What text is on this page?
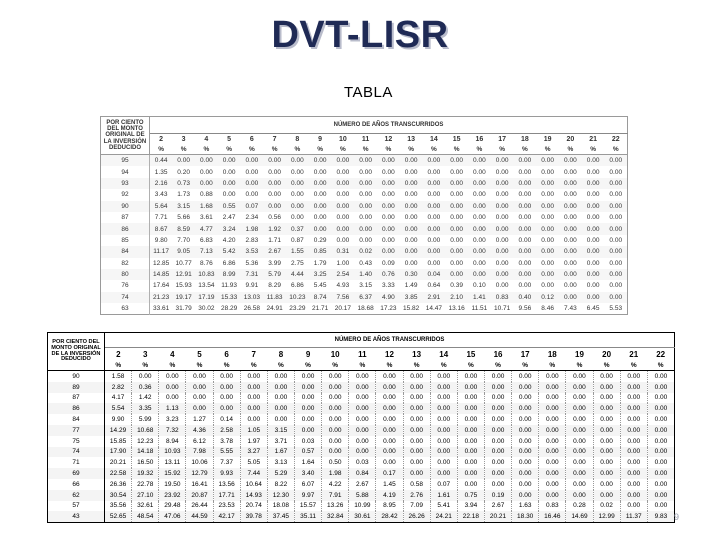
DVT-LISR
TABLA
POR CIENTO DEL MONTO ORIGINAL DE LA INVERSIÓN
DEDUCIDO	NÚMERO DE AÑOS TRANSCURRIDOS																				
	2	3	4	5	6	7	8	9	10	11	12	13	14	15	16	17	18	19	20	21	22
	%	%	%	%	%	%	%	%	%	%	%	%	%	%	%	%	%	%	%	%	%
95	0.44	0.00	0.00	0.00	0.00	0.00	0.00	0.00	0.00	0.00	0.00	0.00	0.00	0.00	0.00	0.00	0.00	0.00	0.00	0.00	0.00
94	1.35	0.20	0.00	0.00	0.00	0.00	0.00	0.00	0.00	0.00	0.00	0.00	0.00	0.00	0.00	0.00	0.00	0.00	0.00	0.00	0.00
93	2.16	0.73	0.00	0.00	0.00	0.00	0.00	0.00	0.00	0.00	0.00	0.00	0.00	0.00	0.00	0.00	0.00	0.00	0.00	0.00	0.00
92	3.43	1.73	0.88	0.00	0.00	0.00	0.00	0.00	0.00	0.00	0.00	0.00	0.00	0.00	0.00	0.00	0.00	0.00	0.00	0.00	0.00
90	5.64	3.15	1.68	0.55	0.07	0.00	0.00	0.00	0.00	0.00	0.00	0.00	0.00	0.00	0.00	0.00	0.00	0.00	0.00	0.00	0.00
87	7.71	5.66	3.61	2.47	2.34	0.56	0.00	0.00	0.00	0.00	0.00	0.00	0.00	0.00	0.00	0.00	0.00	0.00	0.00	0.00	0.00
86	8.67	8.59	4.77	3.24	1.98	1.92	0.37	0.00	0.00	0.00	0.00	0.00	0.00	0.00	0.00	0.00	0.00	0.00	0.00	0.00	0.00
85	9.80	7.70	6.83	4.20	2.83	1.71	0.87	0.29	0.00	0.00	0.00	0.00	0.00	0.00	0.00	0.00	0.00	0.00	0.00	0.00	0.00
84	11.17	9.05	7.13	5.42	3.53	2.67	1.55	0.85	0.31	0.02	0.00	0.00	0.00	0.00	0.00	0.00	0.00	0.00	0.00	0.00	0.00
82	12.85	10.77	8.76	6.86	5.36	3.99	2.75	1.79	1.00	0.43	0.09	0.00	0.00	0.00	0.00	0.00	0.00	0.00	0.00	0.00	0.00
80	14.85	12.91	10.83	8.99	7.31	5.79	4.44	3.25	2.54	1.40	0.76	0.30	0.04	0.00	0.00	0.00	0.00	0.00	0.00	0.00	0.00
76	17.64	15.93	13.54	11.93	9.91	8.29	6.86	5.45	4.93	3.15	3.33	1.49	0.64	0.39	0.10	0.00	0.00	0.00	0.00	0.00	0.00
74	21.23	19.17	17.19	15.33	13.03	11.83	10.23	8.74	7.56	6.37	4.90	3.85	2.91	2.10	1.41	0.83	0.40	0.12	0.00	0.00	0.00
63	33.61	31.79	30.02	28.29	26.58	24.91	23.29	21.71	20.17	18.68	17.23	15.82	14.47	13.16	11.51	10.71	9.56	8.46	7.43	6.45	5.53
POR CIENTO DEL MONTO ORIGINAL DE LA INVERSIÓN
DEDUCIDO	NÚMERO DE AÑOS TRANSCURRIDOS																				
	2	3	4	5	6	7	8	9	10	11	12	13	14	15	16	17	18	19	20	21	22
	%	%	%	%	%	%	%	%	%	%	%	%	%	%	%	%	%	%	%	%	%
90	1.58	0.00	0.00	0.00	0.00	0.00	0.00	0.00	0.00	0.00	0.00	0.00	0.00	0.00	0.00	0.00	0.00	0.00	0.00	0.00	0.00
89	2.82	0.36	0.00	0.00	0.00	0.00	0.00	0.00	0.00	0.00	0.00	0.00	0.00	0.00	0.00	0.00	0.00	0.00	0.00	0.00	0.00
87	4.17	1.42	0.00	0.00	0.00	0.00	0.00	0.00	0.00	0.00	0.00	0.00	0.00	0.00	0.00	0.00	0.00	0.00	0.00	0.00	0.00
86	5.54	3.35	1.13	0.00	0.00	0.00	0.00	0.00	0.00	0.00	0.00	0.00	0.00	0.00	0.00	0.00	0.00	0.00	0.00	0.00	0.00
84	9.90	5.99	3.23	1.27	0.14	0.00	0.00	0.00	0.00	0.00	0.00	0.00	0.00	0.00	0.00	0.00	0.00	0.00	0.00	0.00	0.00
77	14.29	10.68	7.32	4.36	2.58	1.05	3.15	0.00	0.00	0.00	0.00	0.00	0.00	0.00	0.00	0.00	0.00	0.00	0.00	0.00	0.00
75	15.85	12.23	8.94	6.12	3.78	1.97	3.71	0.03	0.00	0.00	0.00	0.00	0.00	0.00	0.00	0.00	0.00	0.00	0.00	0.00	0.00
74	17.90	14.18	10.93	7.98	5.55	3.27	1.67	0.57	0.00	0.00	0.00	0.00	0.00	0.00	0.00	0.00	0.00	0.00	0.00	0.00	0.00
71	20.21	16.50	13.11	10.06	7.37	5.05	3.13	1.64	0.50	0.03	0.00	0.00	0.00	0.00	0.00	0.00	0.00	0.00	0.00	0.00	0.00
69	22.58	19.32	15.92	12.79	9.93	7.44	5.29	3.40	1.98	0.84	0.17	0.00	0.00	0.00	0.00	0.00	0.00	0.00	0.00	0.00	0.00
66	26.36	22.78	19.50	16.41	13.56	10.64	8.22	6.07	4.22	2.67	1.45	0.58	0.07	0.00	0.00	0.00	0.00	0.00	0.00	0.00	0.00
62	30.54	27.10	23.92	20.87	17.71	14.93	12.30	9.97	7.91	5.88	4.19	2.76	1.61	0.75	0.19	0.00	0.00	0.00	0.00	0.00	0.00
57	35.56	32.61	29.48	26.44	23.53	20.74	18.08	15.57	13.26	10.99	8.95	7.09	5.41	3.94	2.67	1.63	0.83	0.28	0.02	0.00	0.00
43	52.65	48.54	47.06	44.59	42.17	39.78	37.45	35.11	32.84	30.61	28.42	26.26	24.21	22.18	20.21	18.30	16.46	14.69	12.99	11.37	9.83 9
